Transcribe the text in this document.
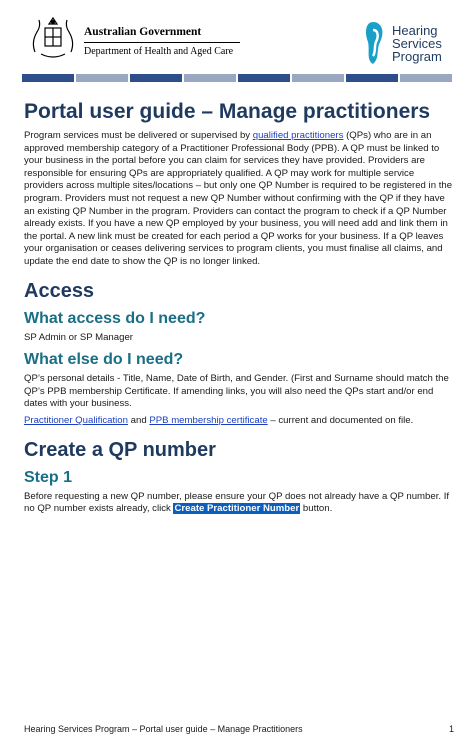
Australian Government
Department of Health and Aged Care
Hearing
Services
Program
Portal user guide – Manage practitioners

Program services must be delivered or supervised by qualified practitioners (QPs) who are in an approved membership category of a Practitioner Professional Body (PPB). A QP must be linked to your business in the portal before you can claim for services they have provided. Providers are responsible for ensuring QPs are appropriately qualified. A QP may work for multiple service providers across multiple sites/locations – but only one QP Number is required to be registered in the program. Providers must not request a new QP Number without confirming with the QP if they have an existing QP Number in the program. Providers can contact the program to check if a QP Number already exists. If you have a new QP employed by your business, you will need add and link them in the portal. A new link must be created for each period a QP works for your business. If a QP leaves your organisation or ceases delivering services to program clients, you must finalise all claims, and update the end date to show the QP is no longer linked.

Access
What access do I need?

SP Admin or SP Manager

What else do I need?

QP’s personal details - Title, Name, Date of Birth, and Gender. (First and Surname should match the QP’s PPB membership Certificate. If amending links, you will also need the QPs start and/or end dates with your business.

Practitioner Qualification and PPB membership certificate – current and documented on file.

Create a QP number
Step 1

Before requesting a new QP number, please ensure your QP does not already have a QP number. If no QP number exists already, click Create Practitioner Number button.

Hearing Services Program – Portal user guide – Manage Practitioners	1
